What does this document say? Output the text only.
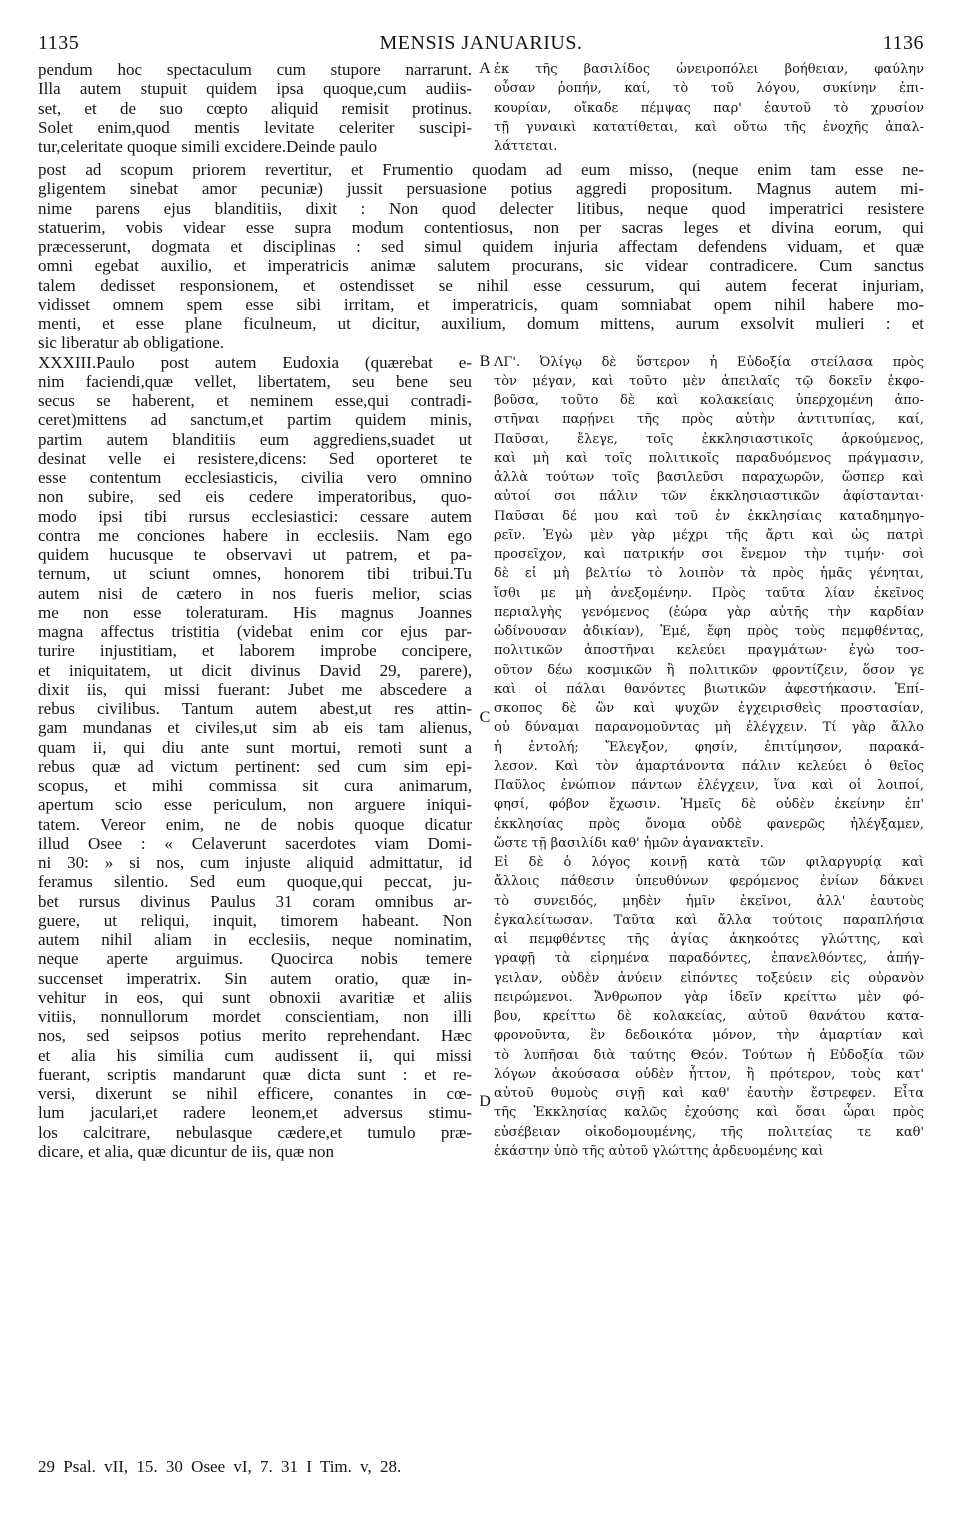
1135	MENSIS JANUARIUS.	1136
pendum hoc spectaculum cum stupore narrarunt.
Illa autem stupuit quidem ipsa quoque,cum audiis-
set, et de suo cœpto aliquid remisit protinus.
Solet enim,quod mentis levitate celeriter suscipi-
tur,celeritate quoque simili excidere.Deinde paulo
A ἐκ τῆς βασιλίδος ὠνειροπόλει βοήθειαν, φαύλην
οὖσαν ῥοπήν, καί, τὸ τοῦ λόγου, συκίνην ἐπι-
κουρίαν, οἴκαδε πέμψας παρ' ἑαυτοῦ τὸ χρυσίον
τῇ γυναικὶ κατατίθεται, καὶ οὕτω τῆς ἐνοχῆς ἀπαλ-
λάττεται.
post ad scopum priorem revertitur, et Frumentio quodam ad eum misso, (neque enim tam esse ne-
gligentem sinebat amor pecuniæ) jussit persuasione potius aggredi propositum. Magnus autem mi-
nime parens ejus blanditiis, dixit : Non quod delecter litibus, neque quod imperatrici resistere
statuerim, vobis videar esse supra modum contentiosus, non per sacras leges et divina eorum, qui
præcesserunt, dogmata et disciplinas : sed simul quidem injuria affectam defendens viduam, et quæ
omni egebat auxilio, et imperatricis animæ salutem procurans, sic videar contradicere. Cum sanctus
talem dedisset responsionem, et ostendisset se nihil esse cessurum, qui autem fecerat injuriam,
vidisset omnem spem esse sibi irritam, et imperatricis, quam somniabat opem nihil habere mo-
menti, et esse plane ficulneum, ut dicitur, auxilium, domum mittens, aurum exsolvit mulieri : et
sic liberatur ab obligatione.
XXXIII.Paulo post autem Eudoxia (quærebat e-
nim faciendi,quæ vellet, libertatem, seu bene seu
secus se haberent, et neminem esse,qui contradi-
ceret)mittens ad sanctum,et partim quidem minis,
partim autem blanditiis eum aggrediens,suadet ut
desinat velle ei resistere,dicens: Sed oporteret te
esse contentum ecclesiasticis, civilia vero omnino
non subire, sed eis cedere imperatoribus, quo-
modo ipsi tibi rursus ecclesiastici: cessare autem
contra me conciones habere in ecclesiis. Nam ego
quidem hucusque te observavi ut patrem, et pa-
ternum, ut sciunt omnes, honorem tibi tribui.Tu
autem nisi de cætero in nos fueris melior, scias
me non esse toleraturam. His magnus Joannes
magna affectus tristitia (videbat enim cor ejus par-
turire injustitiam, et laborem improbe concipere,
et iniquitatem, ut dicit divinus David 29, parere),
dixit iis, qui missi fuerant: Jubet me abscedere a
rebus civilibus. Tantum autem abest,ut res attin-
gam mundanas et civiles,ut sim ab eis tam alienus,
quam ii, qui diu ante sunt mortui, remoti sunt a
rebus quæ ad victum pertinent: sed cum sim epi-
scopus, et mihi commissa sit cura animarum,
apertum scio esse periculum, non arguere iniqui-
tatem. Vereor enim, ne de nobis quoque dicatur
illud Osee : « Celaverunt sacerdotes viam Domi-
ni 30: » si nos, cum injuste aliquid admittatur, id
feramus silentio. Sed eum quoque,qui peccat, ju-
bet rursus divinus Paulus 31 coram omnibus ar-
guere, ut reliqui, inquit, timorem habeant. Non
autem nihil aliam in ecclesiis, neque nominatim,
neque aperte arguimus. Quocirca nobis temere
succenset imperatrix. Sin autem oratio, quæ in-
vehitur in eos, qui sunt obnoxii avaritiæ et aliis
vitiis, nonnullorum mordet conscientiam, non illi
nos, sed seipsos potius merito reprehendant. Hæc
et alia his similia cum audissent ii, qui missi
fuerant, scriptis mandarunt quæ dicta sunt : et re-
versi, dixerunt se nihil efficere, conantes in cœ-
lum jaculari,et radere leonem,et adversus stimu-
los calcitrare, nebulasque cædere,et tumulo præ-
dicare, et alia, quæ dicuntur de iis, quæ non
B
C
D
ΛΓ'. Ὀλίγῳ δὲ ὕστερον ἡ Εὐδοξία στείλασα πρὸς
τὸν μέγαν, καὶ τοῦτο μὲν ἀπειλαῖς τῷ δοκεῖν ἐκφο-
βοῦσα, τοῦτο δὲ καὶ κολακείαις ὑπερχομένη ἀπο-
στῆναι παρῄνει τῆς πρὸς αὐτὴν ἀντιτυπίας, καί,
Παῦσαι, ἔλεγε, τοῖς ἐκκλησιαστικοῖς ἀρκούμενος,
καὶ μὴ καὶ τοῖς πολιτικοῖς παραδυόμενος πράγμασιν,
ἀλλὰ τούτων τοῖς βασιλεῦσι παραχωρῶν, ὥσπερ καὶ
αὐτοί σοι πάλιν τῶν ἐκκλησιαστικῶν ἀφίστανται·
Παῦσαι δέ μου καὶ τοῦ ἐν ἐκκλησίαις καταδημηγο-
ρεῖν. Ἐγὼ μὲν γὰρ μέχρι τῆς ἄρτι καὶ ὡς πατρὶ
προσεῖχον, καὶ πατρικήν σοι ἔνεμον τὴν τιμήν· σοὶ
δὲ εἰ μὴ βελτίω τὸ λοιπὸν τὰ πρὸς ἡμᾶς γένηται,
ἴσθι με μὴ ἀνεξομένην. Πρὸς ταῦτα λίαν ἐκεῖνος
περιαλγὴς γενόμενος (ἑώρα γὰρ αὐτῆς τὴν καρδίαν
ὠδίνουσαν ἀδικίαν), Ἐμέ, ἔφη πρὸς τοὺς πεμφθέντας,
πολιτικῶν ἀποστῆναι κελεύει πραγμάτων· ἐγὼ τοσ-
οῦτον δέω κοσμικῶν ἢ πολιτικῶν φροντίζειν, ὅσον γε
καὶ οἱ πάλαι θανόντες βιωτικῶν ἀφεστήκασιν. Ἐπί-
σκοπος δὲ ὢν καὶ ψυχῶν ἐγχειρισθεὶς προστασίαν,
οὐ δύναμαι παρανομοῦντας μὴ ἐλέγχειν. Τί γὰρ ἄλλο
ἡ ἐντολή; Ἔλεγξον, φησίν, ἐπιτίμησον, παρακά-
λεσον. Καὶ τὸν ἁμαρτάνοντα πάλιν κελεύει ὁ θεῖος
Παῦλος ἐνώπιον πάντων ἐλέγχειν, ἵνα καὶ οἱ λοιποί,
φησί, φόβον ἔχωσιν. Ἡμεῖς δὲ οὐδὲν ἐκείνην ἐπ'
ἐκκλησίας πρὸς ὄνομα οὐδὲ φανερῶς ἠλέγξαμεν,
ὥστε τῇ βασιλίδι καθ' ἡμῶν ἀγανακτεῖν.
Εἰ δὲ ὁ λόγος κοινῇ κατὰ τῶν φιλαργυρίᾳ καὶ
ἄλλοις πάθεσιν ὑπευθύνων φερόμενος ἐνίων δάκνει
τὸ συνειδός, μηδὲν ἡμῖν ἐκεῖνοι, ἀλλ' ἑαυτοὺς
ἐγκαλείτωσαν. Ταῦτα καὶ ἄλλα τούτοις παραπλήσια
αἱ πεμφθέντες τῆς ἁγίας ἀκηκοότες γλώττης, καὶ
γραφῇ τὰ εἰρημένα παραδόντες, ἐπανελθόντες, ἀπήγ-
γειλαν, οὐδὲν ἀνύειν εἰπόντες τοξεύειν εἰς οὐρανὸν
πειρώμενοι. Ἄνθρωπον γὰρ ἰδεῖν κρείττω μὲν φό-
βου, κρείττω δὲ κολακείας, αὐτοῦ θανάτου κατα-
φρονοῦντα, ἓν δεδοικότα μόνον, τὴν ἁμαρτίαν καὶ
τὸ λυπῆσαι διὰ ταύτης Θεόν. Τούτων ἡ Εὐδοξία τῶν
λόγων ἀκούσασα οὐδὲν ἧττον, ἢ πρότερον, τοὺς κατ'
αὐτοῦ θυμοὺς σιγῇ καὶ καθ' ἑαυτὴν ἔστρεφεν. Εἶτα
τῆς Ἐκκλησίας καλῶς ἐχούσης καὶ ὅσαι ὧραι πρὸς
εὐσέβειαν οἰκοδομουμένης, τῆς πολιτείας τε καθ'
ἑκάστην ὑπὸ τῆς αὐτοῦ γλώττης ἀρδευομένης καὶ
29 Psal. vII, 15. 30 Osee vI, 7. 31 I Tim. v, 28.
